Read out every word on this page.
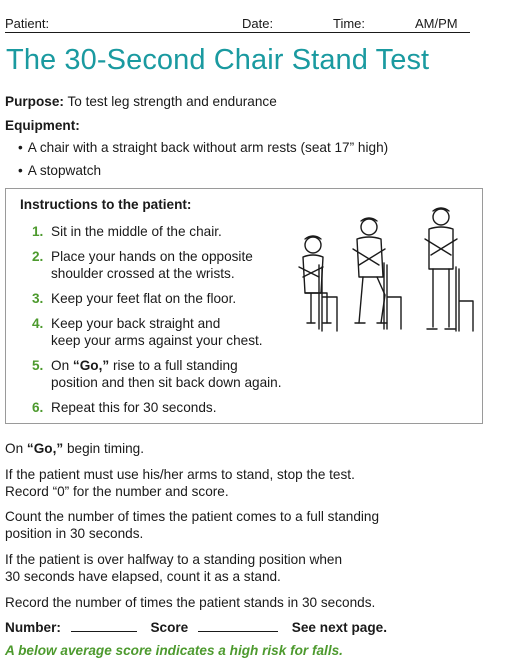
Patient:	Date:	Time:	AM/PM
The 30-Second Chair Stand Test
Purpose: To test leg strength and endurance
Equipment:
• A chair with a straight back without arm rests (seat 17” high)
• A stopwatch
Instructions to the patient:
1. Sit in the middle of the chair.
2. Place your hands on the opposite
shoulder crossed at the wrists.
3. Keep your feet flat on the floor.
4. Keep your back straight and
keep your arms against your chest.
5. On “Go,” rise to a full standing
position and then sit back down again.
6. Repeat this for 30 seconds.
On “Go,” begin timing.
If the patient must use his/her arms to stand, stop the test.
Record “0” for the number and score.
Count the number of times the patient comes to a full standing
position in 30 seconds.
If the patient is over halfway to a standing position when
30 seconds have elapsed, count it as a stand.
Record the number of times the patient stands in 30 seconds.
Number:	Score	See next page.
A below average score indicates a high risk for falls.
